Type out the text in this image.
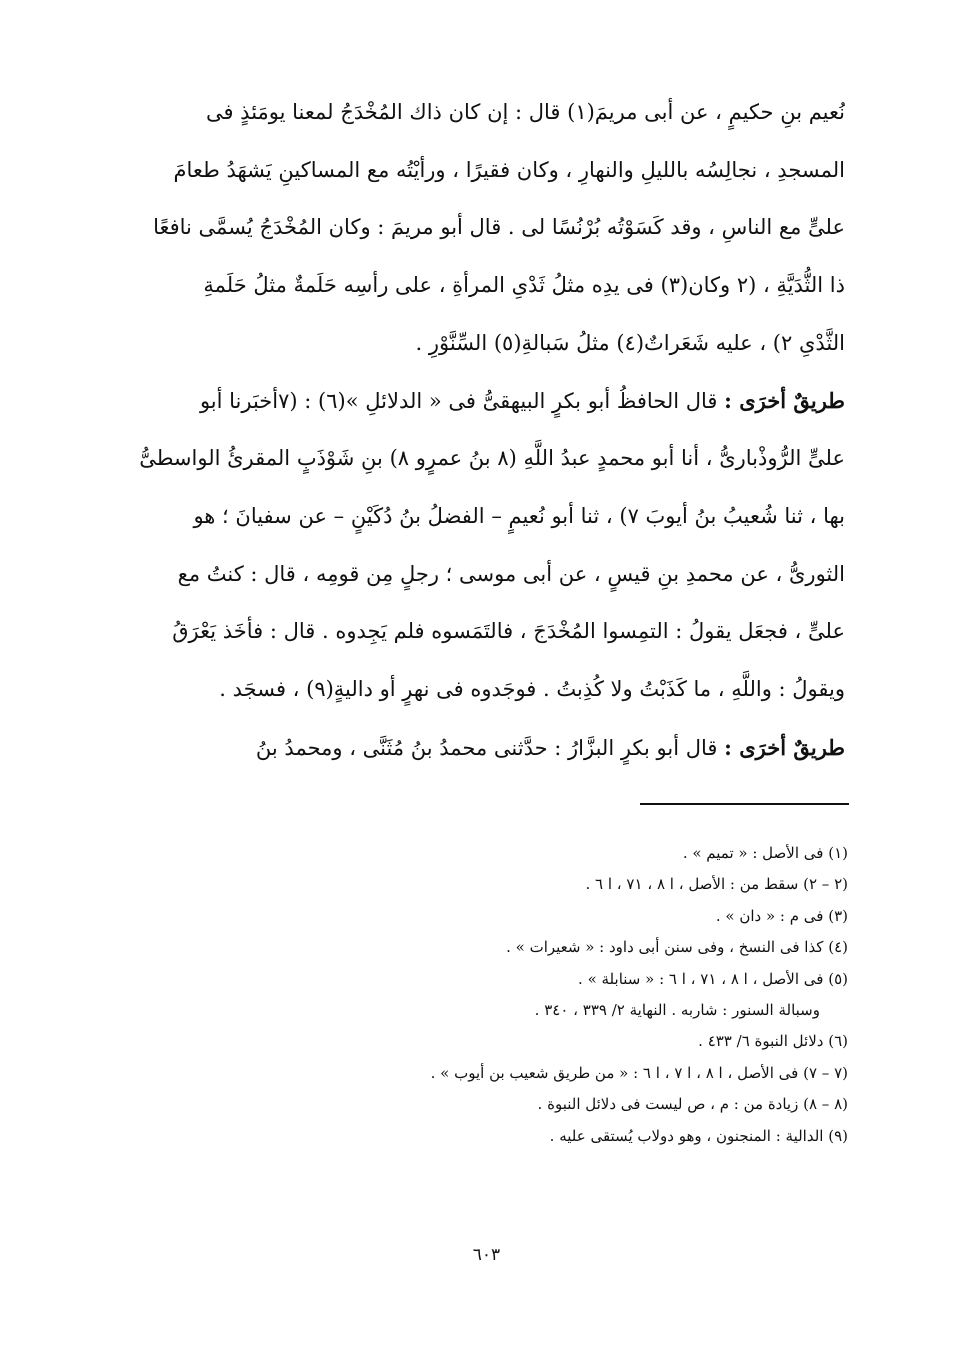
نُعيم بنِ حكيمٍ ، عن أبى مريمَ(١) قال : إن كان ذاك المُخْدَجُ لمعنا يومَئذٍ فى
المسجدِ ، نجالِسُه بالليلِ والنهارِ ، وكان فقيرًا ، ورأيْتُه مع المساكينِ يَشهَدُ طعامَ
علىٍّ مع الناسِ ، وقد كَسَوْتُه بُرْنُسًا لى . قال أبو مريمَ : وكان المُخْدَجُ يُسمَّى نافعًا
ذا الثُّدَيَّةِ ، (٢ وكان(٣) فى يدِه مثلُ ثَدْىِ المرأةِ ، على رأسِه حَلَمةٌ مثلُ حَلَمةِ
الثَّدْىِ ٢) ، عليه شَعَراتٌ(٤) مثلُ سَبالةِ(٥) السِّنَّوْرِ .
طريقٌ أخرَى : قال الحافظُ أبو بكرٍ البيهقىُّ فى « الدلائلِ »(٦) : (٧أخبَرنا أبو
علىٍّ الرُّوذْبارىُّ ، أنا أبو محمدٍ عبدُ اللَّهِ (٨ بنُ عمرٍو ٨) بنِ شَوْذَبٍ المقرئُ الواسطىُّ
بها ، ثنا شُعيبُ بنُ أيوبَ ٧) ، ثنا أبو نُعيمٍ – الفضلُ بنُ دُكَيْنٍ – عن سفيانَ ؛ هو
الثورىُّ ، عن محمدِ بنِ قيسٍ ، عن أبى موسى ؛ رجلٍ مِن قومِه ، قال : كنتُ مع
علىٍّ ، فجعَل يقولُ : التمِسوا المُخْدَجَ ، فالتَمَسوه فلم يَجِدوه . قال : فأخَذ يَعْرَقُ
ويقولُ : واللَّهِ ، ما كَذَبْتُ ولا كُذِبتُ . فوجَدوه فى نهرٍ أو داليةٍ(٩) ، فسجَد .
طريقٌ أخرَى : قال أبو بكرٍ البزَّارُ : حدَّثنى محمدُ بنُ مُثَنَّى ، ومحمدُ بنُ
(١) فى الأصل : « تميم » .
(٢ – ٢) سقط من : الأصل ، ا ٨ ، ٧١ ، ا ٦ .
(٣) فى م : « دان » .
(٤) كذا فى النسخ ، وفى سنن أبى داود : « شعيرات » .
(٥) فى الأصل ، ا ٨ ، ٧١ ، ا ٦ : « سنابلة » .
وسبالة السنور : شاربه . النهاية ٢/ ٣٣٩ ، ٣٤٠ .
(٦) دلائل النبوة ٦/ ٤٣٣ .
(٧ – ٧) فى الأصل ، ا ٨ ، ا ٧ ، ا ٦ : « من طريق شعيب بن أيوب » .
(٨ – ٨) زيادة من : م ، ص ليست فى دلائل النبوة .
(٩) الدالية : المنجنون ، وهو دولاب يُستقى عليه .
٦٠٣
